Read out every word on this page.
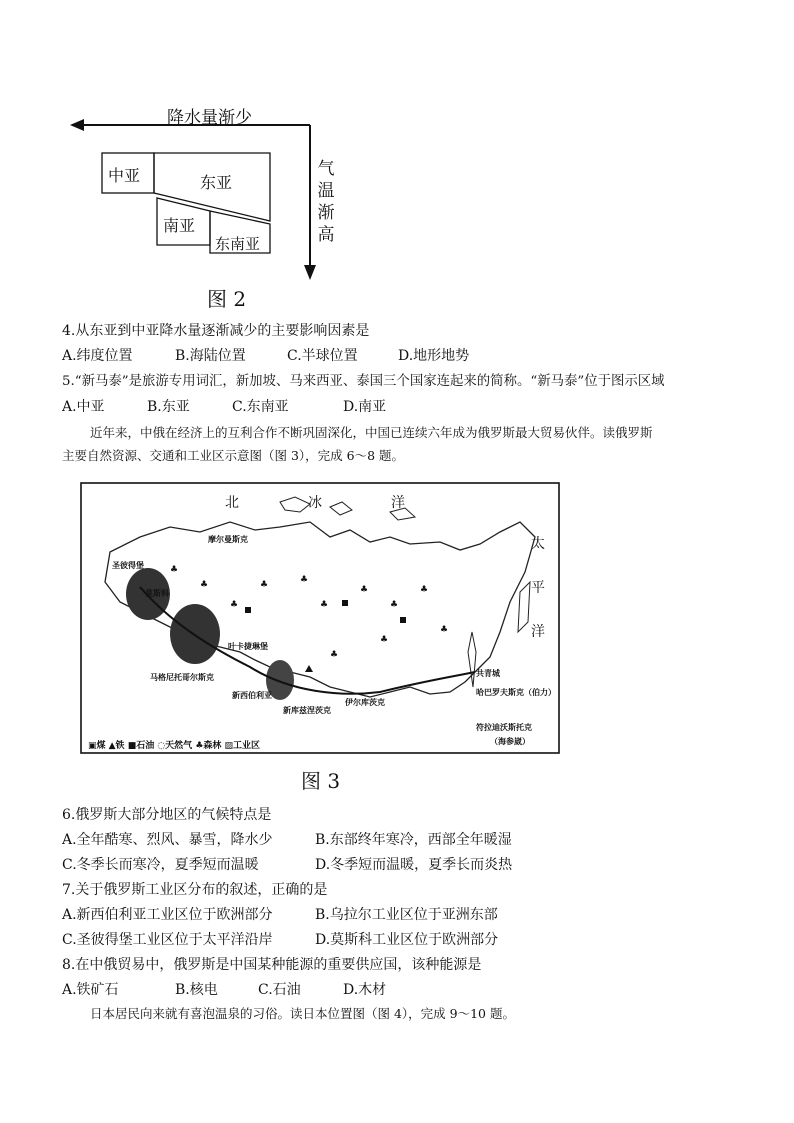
降水量渐少
气
温
渐
高
中亚	东亚
南亚
东南亚
图 2
4.从东亚到中亚降水量逐渐减少的主要影响因素是
A.纬度位置	B.海陆位置	C.半球位置	D.地形地势
5.“新马泰”是旅游专用词汇，新加坡、马来西亚、泰国三个国家连起来的简称。“新马泰”位于图示区域
A.中亚	B.东亚	C.东南亚	D.南亚
近年来，中俄在经济上的互利合作不断巩固深化，中国已连续六年成为俄罗斯最大贸易伙伴。读俄罗斯
主要自然资源、交通和工业区示意图（图 3），完成 6～8 题。
♣
♣
♣
♣	♣
♣
♣
♣
♣
♣
♣
♣
北	冰	洋
太
平
洋
摩尔曼斯克
圣彼得堡
莫斯科
叶卡捷琳堡
马格尼托哥尔斯克
新西伯利亚
新库兹涅茨克
伊尔库茨克
共青城
哈巴罗夫斯克（伯力）
符拉迪沃斯托克
（海参崴）
▣煤 ▲铁 ■石油 ◌天然气 ♣森林 ▨工业区
图 3
6.俄罗斯大部分地区的气候特点是
A.全年酷寒、烈风、暴雪，降水少	B.东部终年寒冷，西部全年暖湿
C.冬季长而寒冷，夏季短而温暖	D.冬季短而温暖，夏季长而炎热
7.关于俄罗斯工业区分布的叙述，正确的是
A.新西伯利亚工业区位于欧洲部分	B.乌拉尔工业区位于亚洲东部
C.圣彼得堡工业区位于太平洋沿岸	D.莫斯科工业区位于欧洲部分
8.在中俄贸易中，俄罗斯是中国某种能源的重要供应国，该种能源是
A.铁矿石	B.核电	C.石油	D.木材
日本居民向来就有喜泡温泉的习俗。读日本位置图（图 4），完成 9～10 题。
